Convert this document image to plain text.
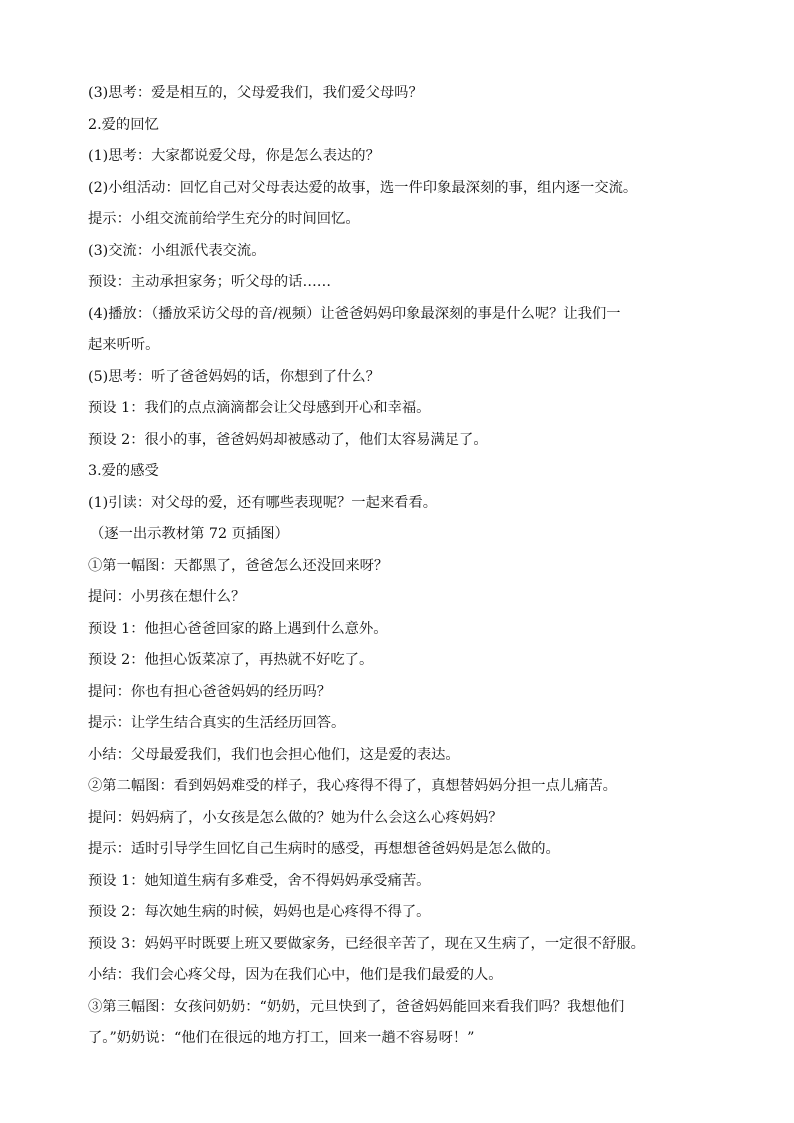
(3)思考：爱是相互的，父母爱我们，我们爱父母吗？
2.爱的回忆
(1)思考：大家都说爱父母，你是怎么表达的？
(2)小组活动：回忆自己对父母表达爱的故事，选一件印象最深刻的事，组内逐一交流。
提示：小组交流前给学生充分的时间回忆。
(3)交流：小组派代表交流。
预设：主动承担家务；听父母的话……
(4)播放：（播放采访父母的音/视频）让爸爸妈妈印象最深刻的事是什么呢？让我们一
起来听听。
(5)思考：听了爸爸妈妈的话，你想到了什么？
预设 1：我们的点点滴滴都会让父母感到开心和幸福。
预设 2：很小的事，爸爸妈妈却被感动了，他们太容易满足了。
3.爱的感受
(1)引读：对父母的爱，还有哪些表现呢？一起来看看。
（逐一出示教材第 72 页插图）
①第一幅图：天都黑了，爸爸怎么还没回来呀？
提问：小男孩在想什么？
预设 1：他担心爸爸回家的路上遇到什么意外。
预设 2：他担心饭菜凉了，再热就不好吃了。
提问：你也有担心爸爸妈妈的经历吗？
提示：让学生结合真实的生活经历回答。
小结：父母最爱我们，我们也会担心他们，这是爱的表达。
②第二幅图：看到妈妈难受的样子，我心疼得不得了，真想替妈妈分担一点儿痛苦。
提问：妈妈病了，小女孩是怎么做的？她为什么会这么心疼妈妈？
提示：适时引导学生回忆自己生病时的感受，再想想爸爸妈妈是怎么做的。
预设 1：她知道生病有多难受，舍不得妈妈承受痛苦。
预设 2：每次她生病的时候，妈妈也是心疼得不得了。
预设 3：妈妈平时既要上班又要做家务，已经很辛苦了，现在又生病了，一定很不舒服。
小结：我们会心疼父母，因为在我们心中，他们是我们最爱的人。
③第三幅图：女孩问奶奶：“奶奶，元旦快到了，爸爸妈妈能回来看我们吗？我想他们
了。”奶奶说：“他们在很远的地方打工，回来一趟不容易呀！”
